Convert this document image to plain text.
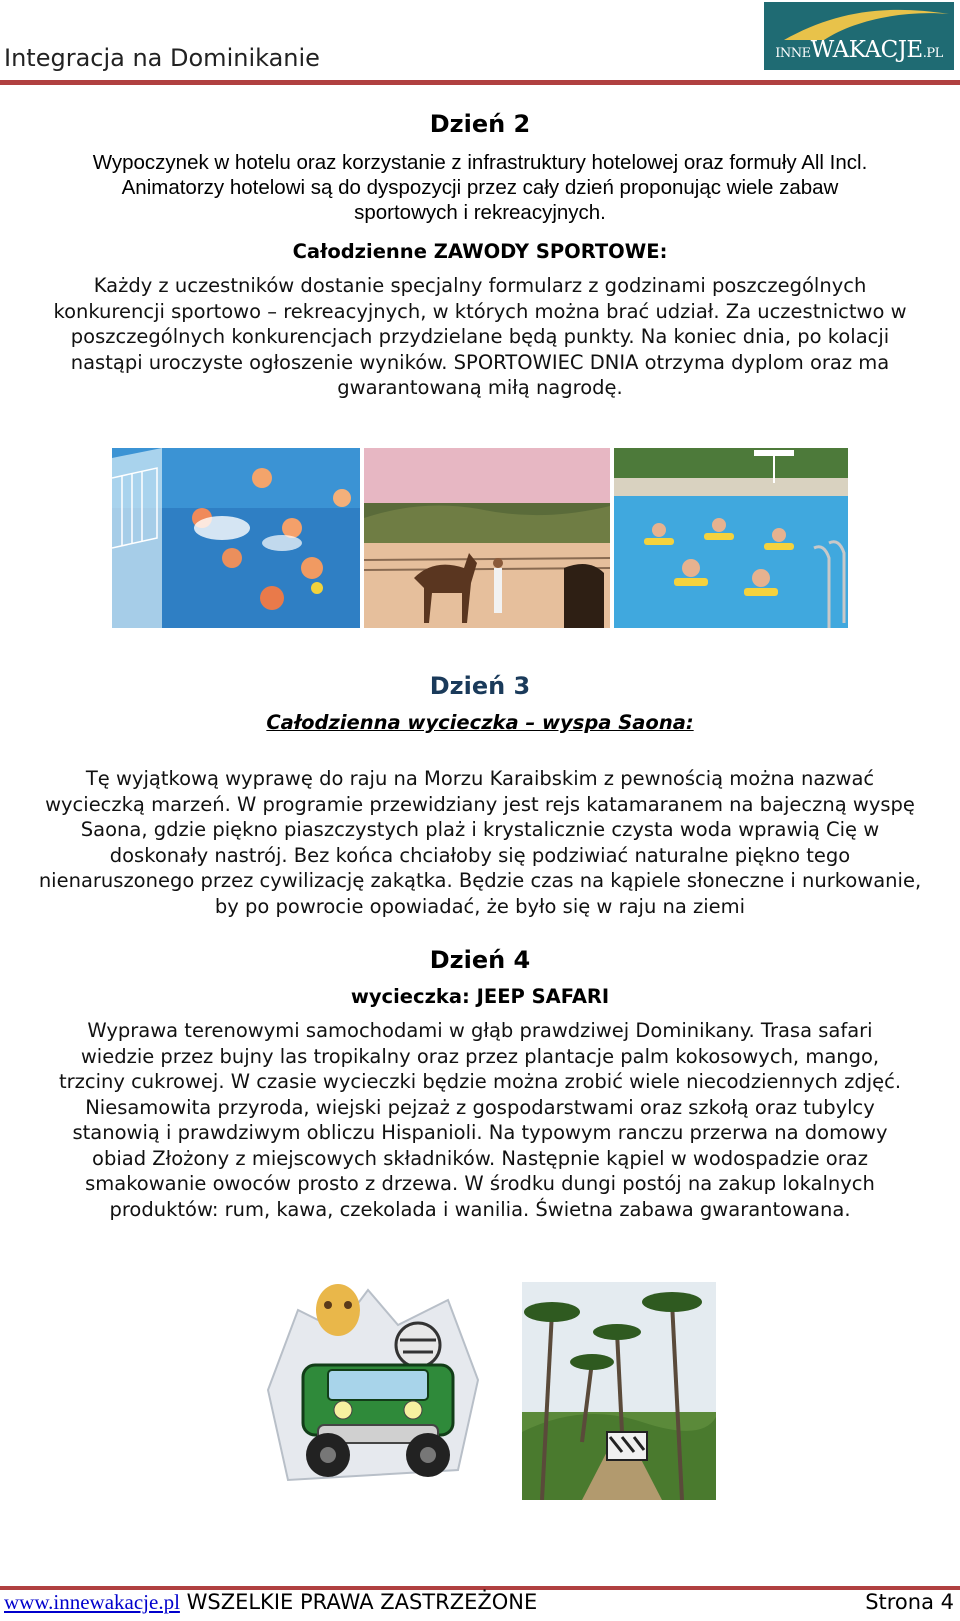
Integracja na Dominikanie	INNEWAKACJE.PL
Dzień 2
Wypoczynek w hotelu oraz korzystanie z infrastruktury hotelowej oraz formuły All Incl.
Animatorzy hotelowi są do dyspozycji przez cały dzień proponując wiele zabaw
sportowych i rekreacyjnych.
Całodzienne ZAWODY SPORTOWE:
Każdy z uczestników dostanie specjalny formularz z godzinami poszczególnych
konkurencji sportowo – rekreacyjnych, w których można brać udział. Za uczestnictwo w
poszczególnych konkurencjach przydzielane będą punkty. Na koniec dnia, po kolacji
nastąpi uroczyste ogłoszenie wyników. SPORTOWIEC DNIA otrzyma dyplom oraz ma
gwarantowaną miłą nagrodę.
Dzień 3
Całodzienna wycieczka – wyspa Saona:
Tę wyjątkową wyprawę do raju na Morzu Karaibskim z pewnością można nazwać
wycieczką marzeń. W programie przewidziany jest rejs katamaranem na bajeczną wyspę
Saona, gdzie piękno piaszczystych plaż i krystalicznie czysta woda wprawią Cię w
doskonały nastrój. Bez końca chciałoby się podziwiać naturalne piękno tego
nienaruszonego przez cywilizację zakątka. Będzie czas na kąpiele słoneczne i nurkowanie,
by po powrocie opowiadać, że było się w raju na ziemi
Dzień 4
wycieczka: JEEP SAFARI
Wyprawa terenowymi samochodami w głąb prawdziwej Dominikany. Trasa safari
wiedzie przez bujny las tropikalny oraz przez plantacje palm kokosowych, mango,
trzciny cukrowej. W czasie wycieczki będzie można zrobić wiele niecodziennych zdjęć.
Niesamowita przyroda, wiejski pejzaż z gospodarstwami oraz szkołą oraz tubylcy
stanowią i prawdziwym obliczu Hispanioli. Na typowym ranczu przerwa na domowy
obiad Złożony z miejscowych składników. Następnie kąpiel w wodospadzie oraz
smakowanie owoców prosto z drzewa. W środku dungi postój na zakup lokalnych
produktów: rum, kawa, czekolada i wanilia. Świetna zabawa gwarantowana.
www.innewakacje.pl WSZELKIE PRAWA ZASTRZEŻONE	Strona 4
